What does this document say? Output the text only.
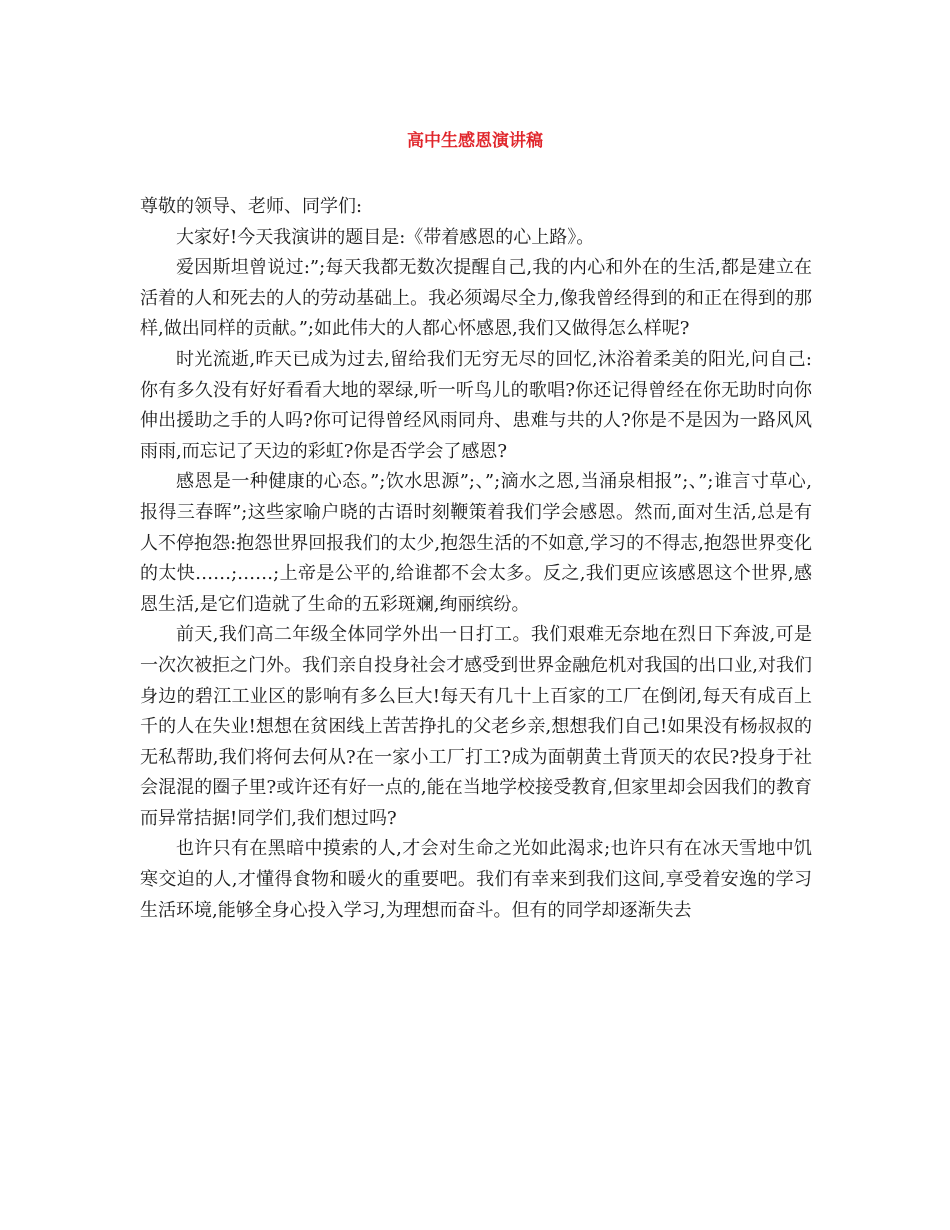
高中生感恩演讲稿

尊敬的领导、老师、同学们:

大家好!今天我演讲的题目是:《带着感恩的心上路》。

爱因斯坦曾说过:”;每天我都无数次提醒自己,我的内心和外在的生活,都是建立在活着的人和死去的人的劳动基础上。我必须竭尽全力,像我曾经得到的和正在得到的那样,做出同样的贡献。”;如此伟大的人都心怀感恩,我们又做得怎么样呢?

时光流逝,昨天已成为过去,留给我们无穷无尽的回忆,沐浴着柔美的阳光,问自己:你有多久没有好好看看大地的翠绿,听一听鸟儿的歌唱?你还记得曾经在你无助时向你伸出援助之手的人吗?你可记得曾经风雨同舟、患难与共的人?你是不是因为一路风风雨雨,而忘记了天边的彩虹?你是否学会了感恩?

感恩是一种健康的心态。”;饮水思源”;、”;滴水之恩,当涌泉相报”;、”;谁言寸草心,报得三春晖”;这些家喻户晓的古语时刻鞭策着我们学会感恩。然而,面对生活,总是有人不停抱怨:抱怨世界回报我们的太少,抱怨生活的不如意,学习的不得志,抱怨世界变化的太快……;……;上帝是公平的,给谁都不会太多。反之,我们更应该感恩这个世界,感恩生活,是它们造就了生命的五彩斑斓,绚丽缤纷。

前天,我们高二年级全体同学外出一日打工。我们艰难无奈地在烈日下奔波,可是一次次被拒之门外。我们亲自投身社会才感受到世界金融危机对我国的出口业,对我们身边的碧江工业区的影响有多么巨大!每天有几十上百家的工厂在倒闭,每天有成百上千的人在失业!想想在贫困线上苦苦挣扎的父老乡亲,想想我们自己!如果没有杨叔叔的无私帮助,我们将何去何从?在一家小工厂打工?成为面朝黄土背顶天的农民?投身于社会混混的圈子里?或许还有好一点的,能在当地学校接受教育,但家里却会因我们的教育而异常拮据!同学们,我们想过吗?

也许只有在黑暗中摸索的人,才会对生命之光如此渴求;也许只有在冰天雪地中饥寒交迫的人,才懂得食物和暖火的重要吧。我们有幸来到我们这间,享受着安逸的学习生活环境,能够全身心投入学习,为理想而奋斗。但有的同学却逐渐失去
